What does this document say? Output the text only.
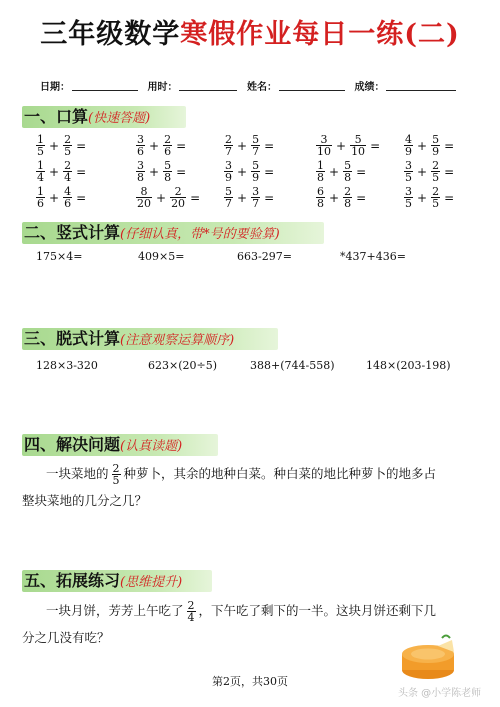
三年级数学寒假作业每日一练(二)
日期：	用时：	姓名：	成绩：
一、口算(快速答题)
$\frac{1}{5} + \frac{2}{5}$ =	$\frac{3}{6} + \frac{2}{6}$ =	$\frac{2}{7} + \frac{5}{7}$ =	$\frac{3}{10} + \frac{5}{10}$ =	$\frac{4}{9} + \frac{5}{9}$ =
$\frac{1}{4} + \frac{2}{4}$ =	$\frac{3}{8} + \frac{5}{8}$ =	$\frac{3}{9} + \frac{5}{9}$ =	$\frac{1}{8} + \frac{5}{8}$ =	$\frac{3}{5} + \frac{2}{5}$ =
$\frac{1}{6} + \frac{4}{6}$ =	$\frac{8}{20} + \frac{2}{20}$ =	$\frac{5}{7} + \frac{3}{7}$ =	$\frac{6}{8} + \frac{2}{8}$ =	$\frac{3}{5} + \frac{2}{5}$ =
二、竖式计算(仔细认真，带*号的要验算)
175×4=	409×5=	663-297=	*437+436=
三、脱式计算(注意观察运算顺序)
128×3-320	623×(20÷5)	388+(744-558)	148×(203-198)
四、解决问题(认真读题)
一块菜地的 $\frac{2}{5}$ 种萝卜，其余的地种白菜。种白菜的地比种萝卜的地多占
整块菜地的几分之几？
五、拓展练习(思维提升)
一块月饼，芳芳上午吃了 $\frac{2}{4}$ ，下午吃了剩下的一半。这块月饼还剩下几
分之几没有吃？
头条 @小学陈老师
第2页，共30页
